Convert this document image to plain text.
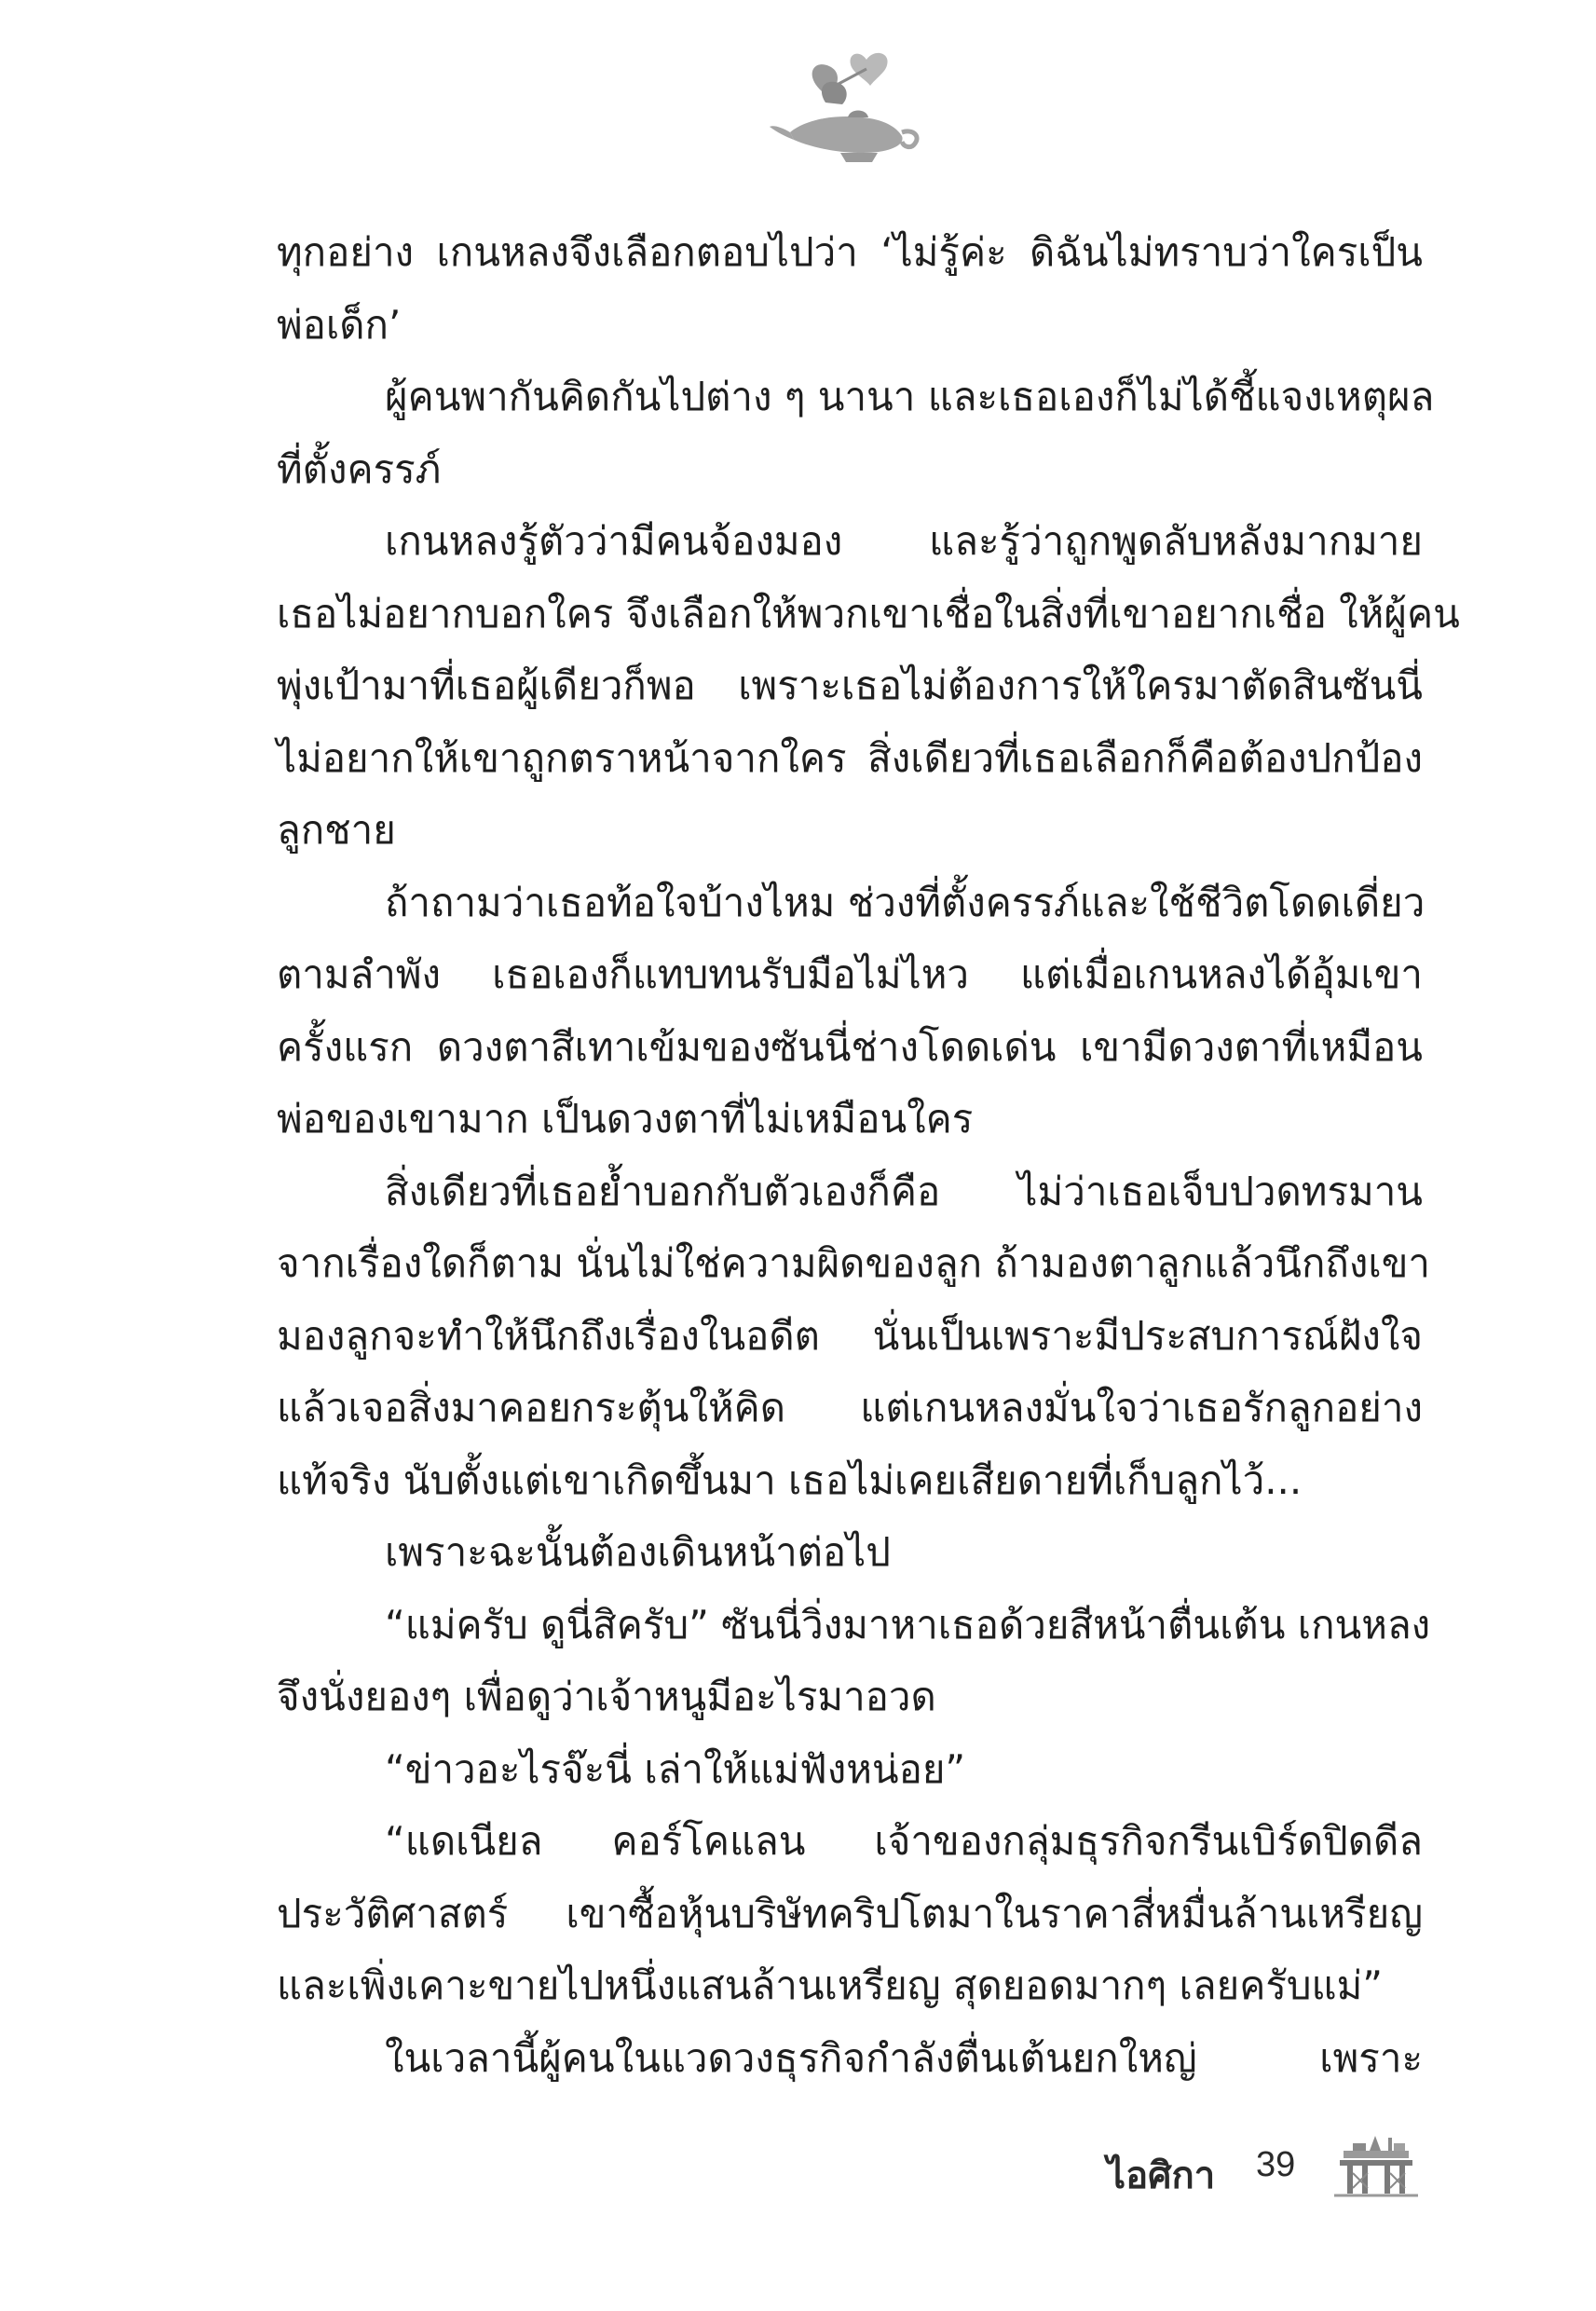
ทุกอย่าง เกนหลงจึงเลือกตอบไปว่า ‘ไม่รู้ค่ะ ดิฉันไม่ทราบว่าใครเป็น
พ่อเด็ก’
ผู้คนพากันคิดกันไปต่าง ๆ นานา และเธอเองก็ไม่ได้ชี้แจงเหตุผล
ที่ตั้งครรภ์
เกนหลงรู้ตัวว่ามีคนจ้องมอง และรู้ว่าถูกพูดลับหลังมากมาย
เธอไม่อยากบอกใคร จึงเลือกให้พวกเขาเชื่อในสิ่งที่เขาอยากเชื่อ ให้ผู้คน
พุ่งเป้ามาที่เธอผู้เดียวก็พอ เพราะเธอไม่ต้องการให้ใครมาตัดสินซันนี่
ไม่อยากให้เขาถูกตราหน้าจากใคร สิ่งเดียวที่เธอเลือกก็คือต้องปกป้อง
ลูกชาย
ถ้าถามว่าเธอท้อใจบ้างไหม ช่วงที่ตั้งครรภ์และใช้ชีวิตโดดเดี่ยว
ตามลำพัง เธอเองก็แทบทนรับมือไม่ไหว แต่เมื่อเกนหลงได้อุ้มเขา
ครั้งแรก ดวงตาสีเทาเข้มของซันนี่ช่างโดดเด่น เขามีดวงตาที่เหมือน
พ่อของเขามาก เป็นดวงตาที่ไม่เหมือนใคร
สิ่งเดียวที่เธอย้ำบอกกับตัวเองก็คือ ไม่ว่าเธอเจ็บปวดทรมาน
จากเรื่องใดก็ตาม นั่นไม่ใช่ความผิดของลูก ถ้ามองตาลูกแล้วนึกถึงเขา
มองลูกจะทำให้นึกถึงเรื่องในอดีต นั่นเป็นเพราะมีประสบการณ์ฝังใจ
แล้วเจอสิ่งมาคอยกระตุ้นให้คิด แต่เกนหลงมั่นใจว่าเธอรักลูกอย่าง
แท้จริง นับตั้งแต่เขาเกิดขึ้นมา เธอไม่เคยเสียดายที่เก็บลูกไว้...
เพราะฉะนั้นต้องเดินหน้าต่อไป
“แม่ครับ ดูนี่สิครับ” ซันนี่วิ่งมาหาเธอด้วยสีหน้าตื่นเต้น เกนหลง
จึงนั่งยองๆ เพื่อดูว่าเจ้าหนูมีอะไรมาอวด
“ข่าวอะไรจ๊ะนี่ เล่าให้แม่ฟังหน่อย”
“แดเนียล คอร์โคแลน เจ้าของกลุ่มธุรกิจกรีนเบิร์ดปิดดีล
ประวัติศาสตร์ เขาซื้อหุ้นบริษัทคริปโตมาในราคาสี่หมื่นล้านเหรียญ
และเพิ่งเคาะขายไปหนึ่งแสนล้านเหรียญ สุดยอดมากๆ เลยครับแม่”
ในเวลานี้ผู้คนในแวดวงธุรกิจกำลังตื่นเต้นยกใหญ่ เพราะ
ไอศิกา 39
